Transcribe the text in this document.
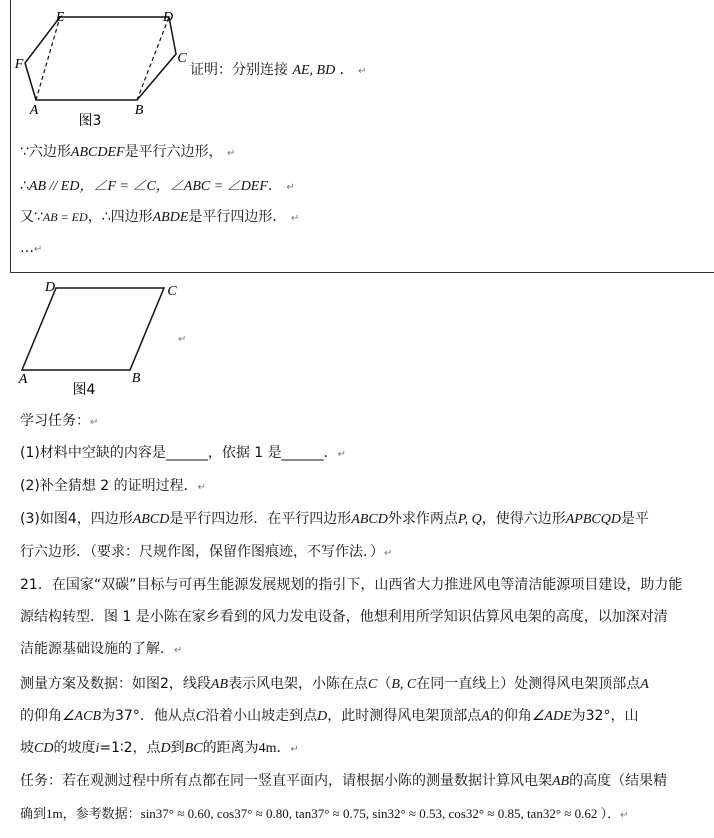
E	D
F	C
A	B
图3
证明：分别连接 AE, BD ． ↵
∵六边形ABCDEF是平行六边形， ↵
∴AB // ED，∠F = ∠C，∠ABC = ∠DEF． ↵
又∵AB = ED，∴四边形ABDE是平行四边形． ↵
…↵
D	C
A	B
图4
↵
学习任务：↵
(1)材料中空缺的内容是______，依据 1 是______．↵
(2)补全猜想 2 的证明过程．↵
(3)如图4，四边形ABCD是平行四边形．在平行四边形ABCD外求作两点P, Q，使得六边形APBCQD是平
行六边形．（要求：尺规作图，保留作图痕迹，不写作法．）↵
21．在国家“双碳”目标与可再生能源发展规划的指引下，山西省大力推进风电等清洁能源项目建设，助力能
源结构转型．图 1 是小陈在家乡看到的风力发电设备，他想利用所学知识估算风电架的高度，以加深对清
洁能源基础设施的了解．↵
测量方案及数据：如图2，线段AB表示风电架，小陈在点C（B, C在同一直线上）处测得风电架顶部点A
的仰角∠ACB为37°．他从点C沿着小山坡走到点D，此时测得风电架顶部点A的仰角∠ADE为32°，山
坡CD的坡度i=1∶2，点D到BC的距离为4m．↵
任务：若在观测过程中所有点都在同一竖直平面内，请根据小陈的测量数据计算风电架AB的高度（结果精
确到1m，参考数据：sin37° ≈ 0.60, cos37° ≈ 0.80, tan37° ≈ 0.75, sin32° ≈ 0.53, cos32° ≈ 0.85, tan32° ≈ 0.62 ）．↵
